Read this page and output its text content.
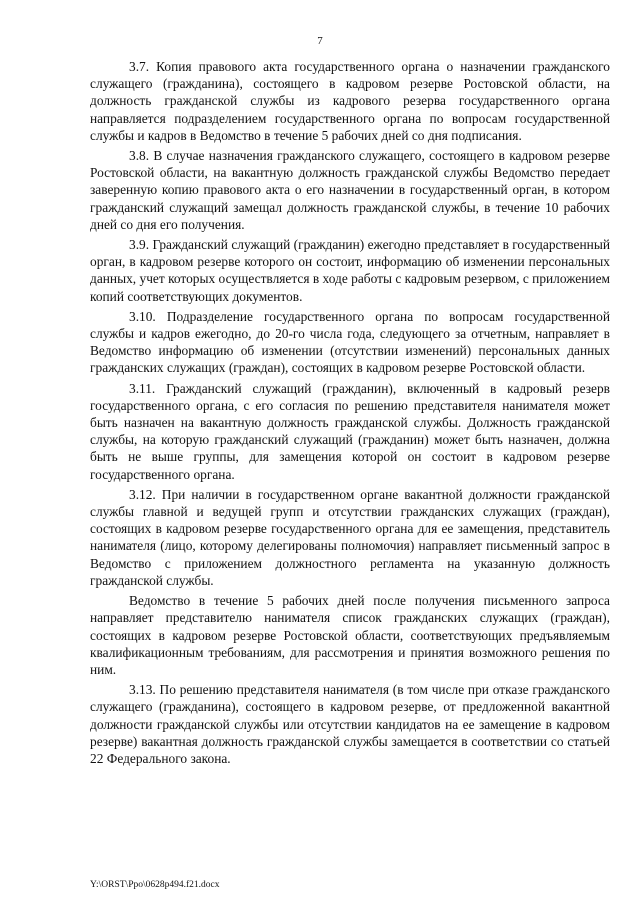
7

3.7. Копия правового акта государственного органа о назначении гражданского служащего (гражданина), состоящего в кадровом резерве Ростовской области, на должность гражданской службы из кадрового резерва государственного органа направляется подразделением государственного органа по вопросам государственной службы и кадров в Ведомство в течение 5 рабочих дней со дня подписания.

3.8. В случае назначения гражданского служащего, состоящего в кадровом резерве Ростовской области, на вакантную должность гражданской службы Ведомство передает заверенную копию правового акта о его назначении в государственный орган, в котором гражданский служащий замещал должность гражданской службы, в течение 10 рабочих дней со дня его получения.

3.9. Гражданский служащий (гражданин) ежегодно представляет в государственный орган, в кадровом резерве которого он состоит, информацию об изменении персональных данных, учет которых осуществляется в ходе работы с кадровым резервом, с приложением копий соответствующих документов.

3.10. Подразделение государственного органа по вопросам государственной службы и кадров ежегодно, до 20-го числа года, следующего за отчетным, направляет в Ведомство информацию об изменении (отсутствии изменений) персональных данных гражданских служащих (граждан), состоящих в кадровом резерве Ростовской области.

3.11. Гражданский служащий (гражданин), включенный в кадровый резерв государственного органа, с его согласия по решению представителя нанимателя может быть назначен на вакантную должность гражданской службы. Должность гражданской службы, на которую гражданский служащий (гражданин) может быть назначен, должна быть не выше группы, для замещения которой он состоит в кадровом резерве государственного органа.

3.12. При наличии в государственном органе вакантной должности гражданской службы главной и ведущей групп и отсутствии гражданских служащих (граждан), состоящих в кадровом резерве государственного органа для ее замещения, представитель нанимателя (лицо, которому делегированы полномочия) направляет письменный запрос в Ведомство с приложением должностного регламента на указанную должность гражданской службы.

Ведомство в течение 5 рабочих дней после получения письменного запроса направляет представителю нанимателя список гражданских служащих (граждан), состоящих в кадровом резерве Ростовской области, соответствующих предъявляемым квалификационным требованиям, для рассмотрения и принятия возможного решения по ним.

3.13. По решению представителя нанимателя (в том числе при отказе гражданского служащего (гражданина), состоящего в кадровом резерве, от предложенной вакантной должности гражданской службы или отсутствии кандидатов на ее замещение в кадровом резерве) вакантная должность гражданской службы замещается в соответствии со статьей 22 Федерального закона.

Y:\ORST\Ppo\0628p494.f21.docx
